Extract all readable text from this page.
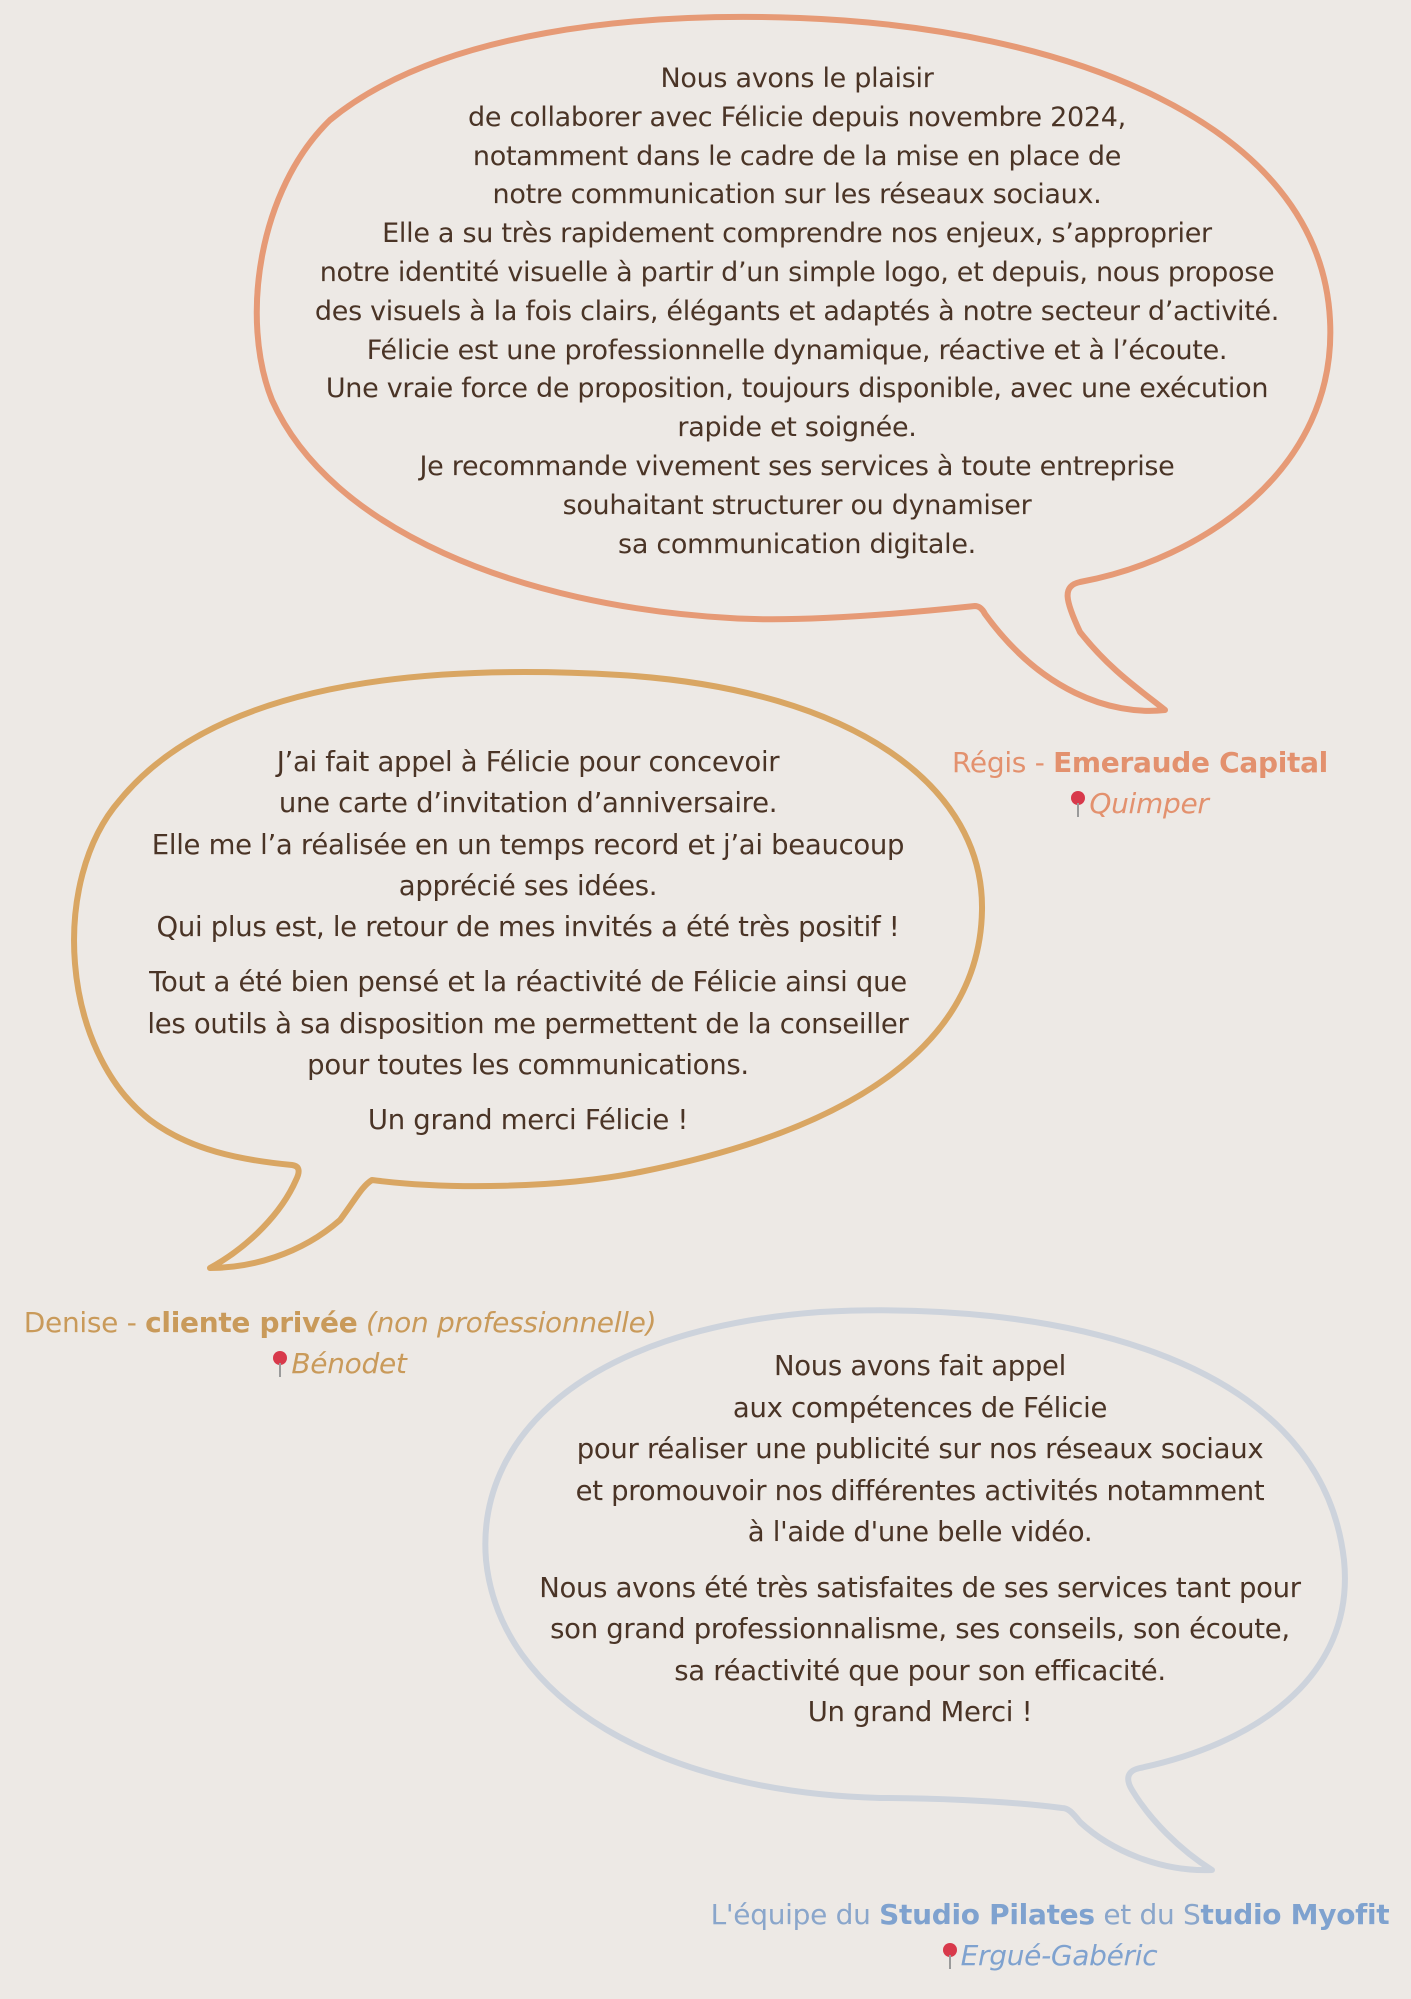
Nous avons le plaisir
de collaborer avec Félicie depuis novembre 2024,
notamment dans le cadre de la mise en place de
notre communication sur les réseaux sociaux.
Elle a su très rapidement comprendre nos enjeux, s’approprier
notre identité visuelle à partir d’un simple logo, et depuis, nous propose
des visuels à la fois clairs, élégants et adaptés à notre secteur d’activité.
Félicie est une professionnelle dynamique, réactive et à l’écoute.
Une vraie force de proposition, toujours disponible, avec une exécution
rapide et soignée.
Je recommande vivement ses services à toute entreprise
souhaitant structurer ou dynamiser
sa communication digitale.
Régis - Emeraude Capital
Quimper

J’ai fait appel à Félicie pour concevoir
une carte d’invitation d’anniversaire.
Elle me l’a réalisée en un temps record et j’ai beaucoup
apprécié ses idées.
Qui plus est, le retour de mes invités a été très positif !

Tout a été bien pensé et la réactivité de Félicie ainsi que
les outils à sa disposition me permettent de la conseiller
pour toutes les communications.

Un grand merci Félicie !

Denise - cliente privée (non professionnelle)
Bénodet	Nous avons fait appel
aux compétences de Félicie
pour réaliser une publicité sur nos réseaux sociaux
et promouvoir nos différentes activités notamment
à l'aide d'une belle vidéo.

Nous avons été très satisfaites de ses services tant pour
son grand professionnalisme, ses conseils, son écoute,
sa réactivité que pour son efficacité.
Un grand Merci !

L'équipe du Studio Pilates et du Studio Myofit
Ergué-Gabéric
